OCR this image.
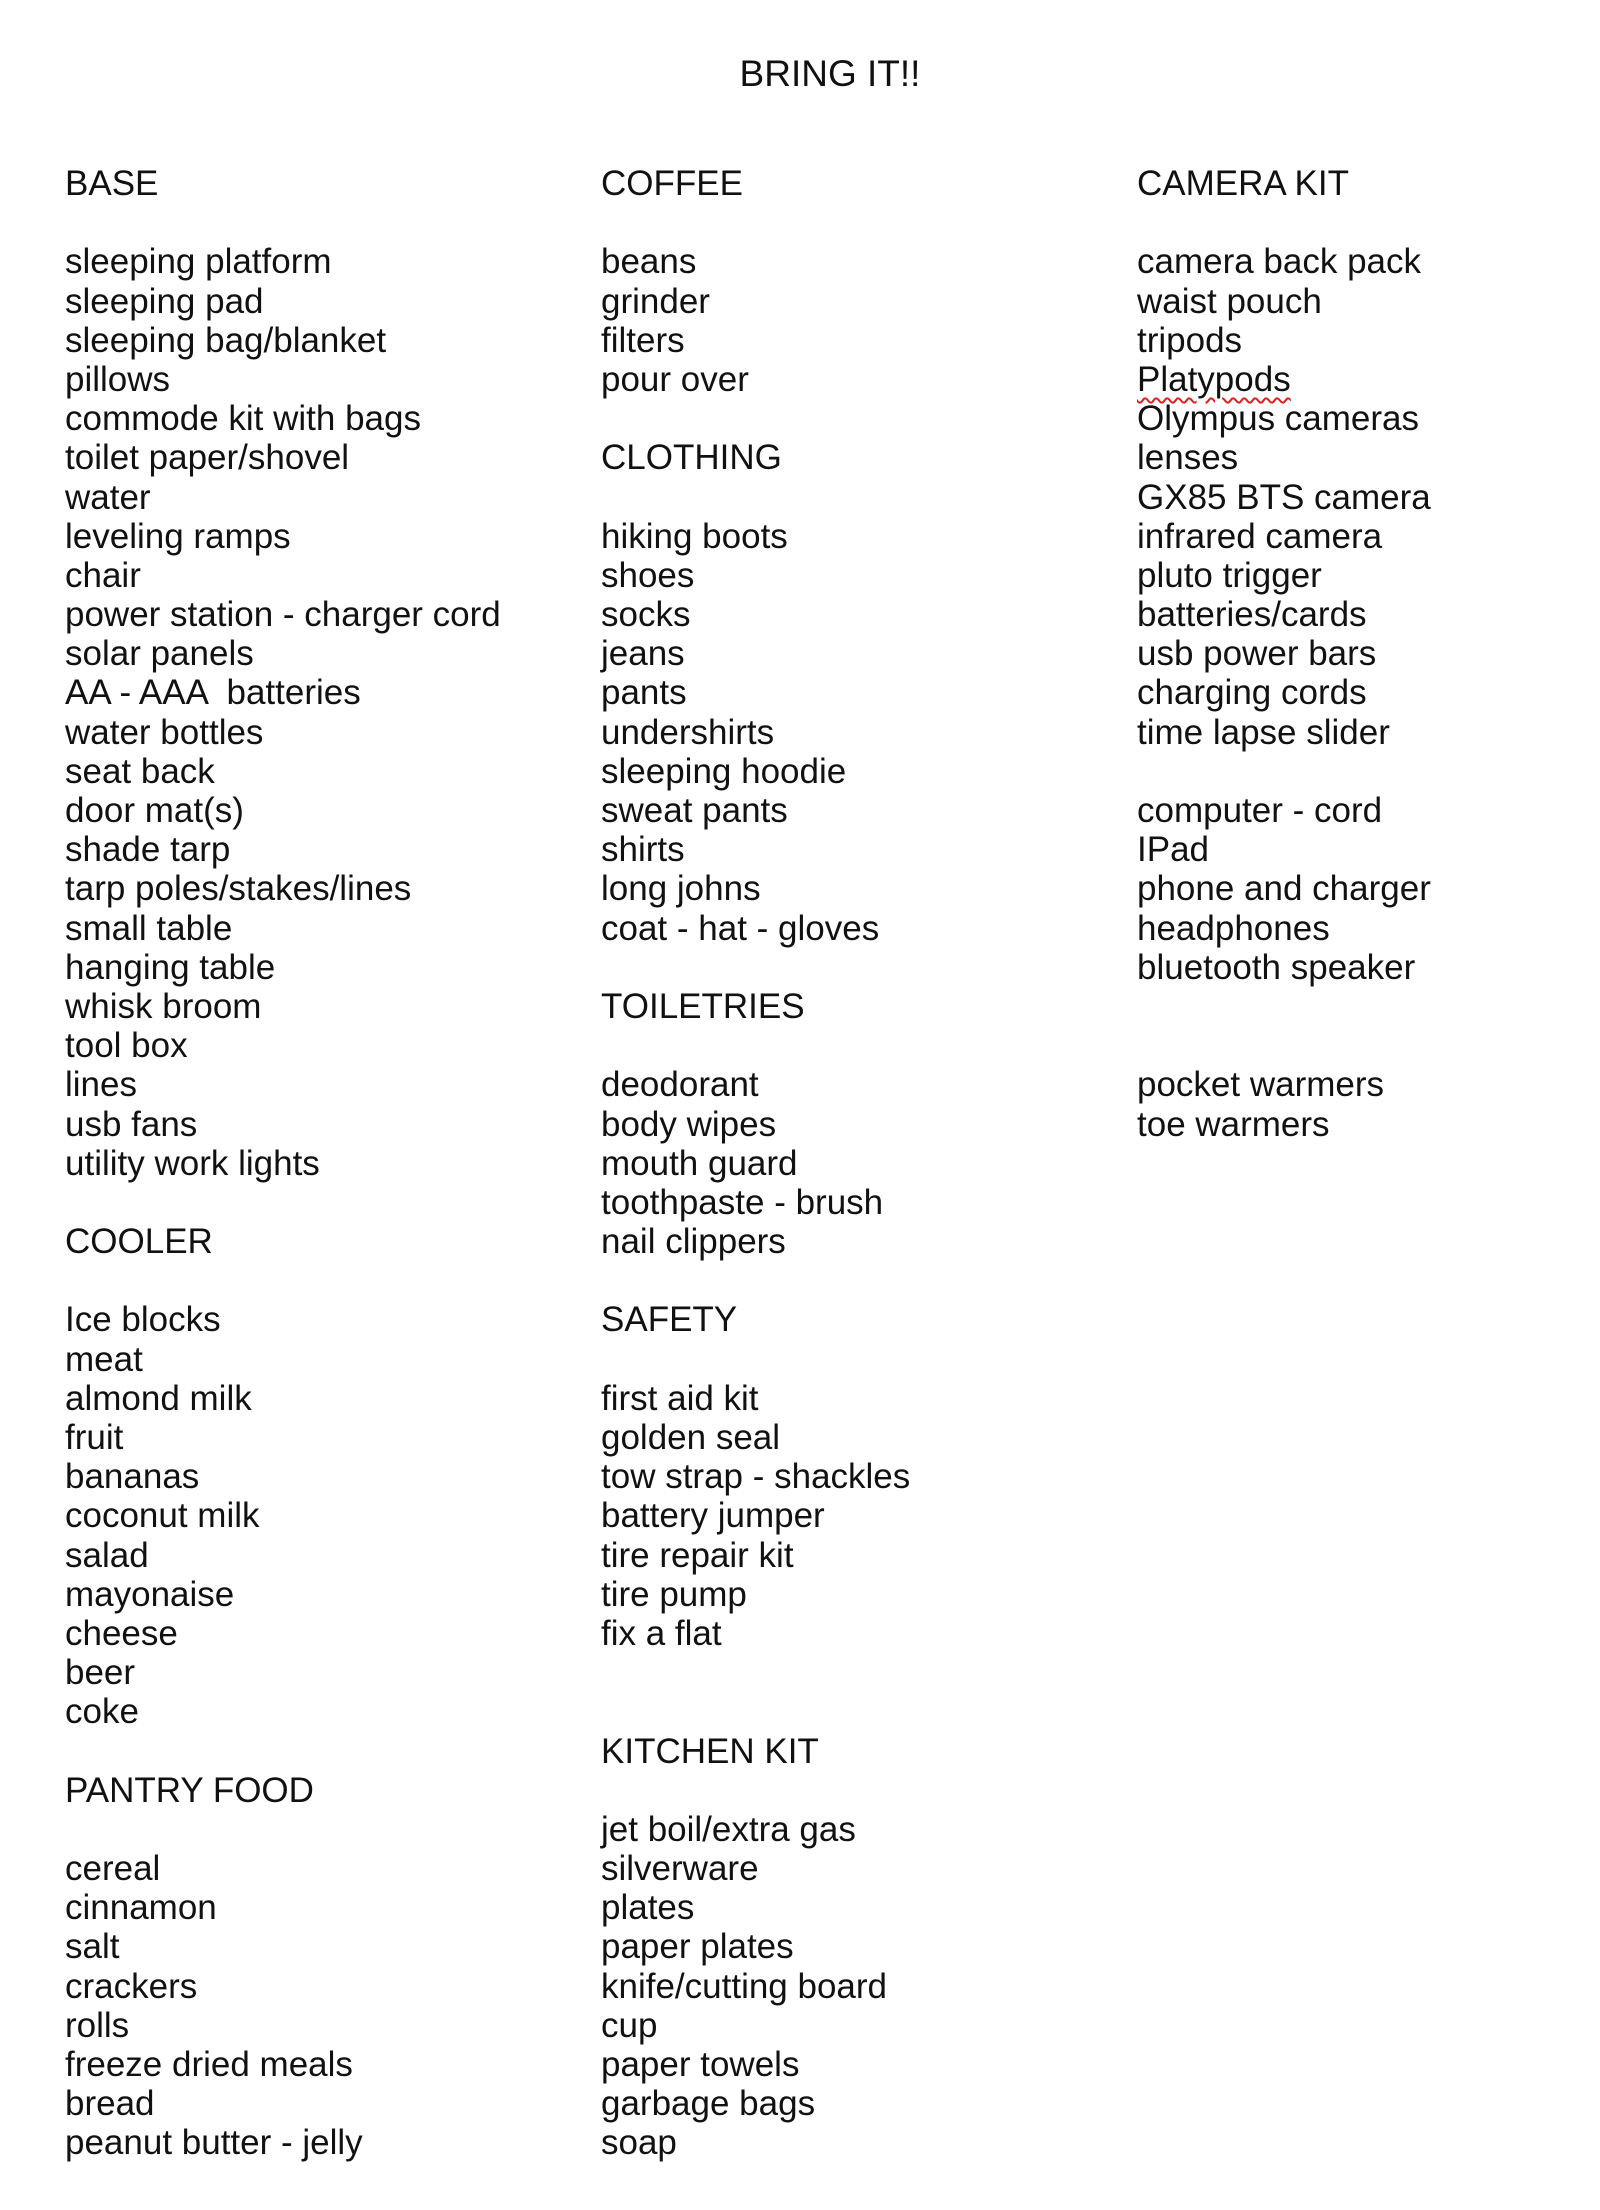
BRING IT!!
BASE
sleeping platform
sleeping pad
sleeping bag/blanket
pillows
commode kit with bags
toilet paper/shovel
water
leveling ramps
chair
power station - charger cord
solar panels
AA - AAA  batteries
water bottles
seat back
door mat(s)
shade tarp
tarp poles/stakes/lines
small table
hanging table
whisk broom
tool box
lines
usb fans
utility work lights
COOLER
Ice blocks
meat
almond milk
fruit
bananas
coconut milk
salad
mayonaise
cheese
beer
coke
PANTRY FOOD
cereal
cinnamon
salt
crackers
rolls
freeze dried meals
bread
peanut butter - jelly
COFFEE
beans
grinder
filters
pour over
CLOTHING
hiking boots
shoes
socks
jeans
pants
undershirts
sleeping hoodie
sweat pants
shirts
long johns
coat - hat - gloves
TOILETRIES
deodorant
body wipes
mouth guard
toothpaste - brush
nail clippers
SAFETY
first aid kit
golden seal
tow strap - shackles
battery jumper
tire repair kit
tire pump
fix a flat
KITCHEN KIT
jet boil/extra gas
silverware
plates
paper plates
knife/cutting board
cup
paper towels
garbage bags
soap
CAMERA KIT
camera back pack
waist pouch
tripods
Platypods
Olympus cameras
lenses
GX85 BTS camera
infrared camera
pluto trigger
batteries/cards
usb power bars
charging cords
time lapse slider
computer - cord
IPad
phone and charger
headphones
bluetooth speaker
pocket warmers
toe warmers
